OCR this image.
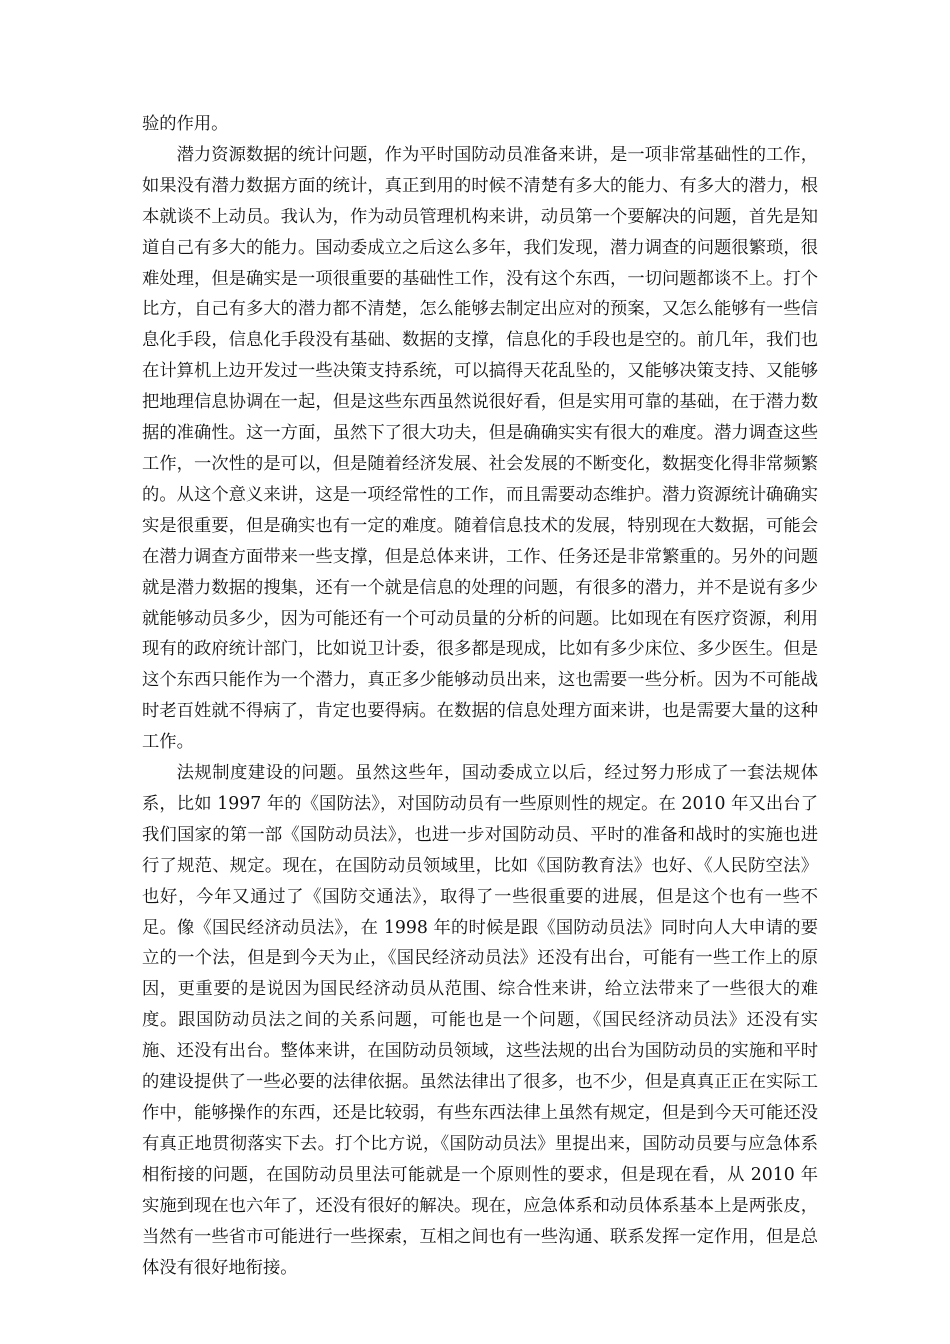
验的作用。

潜力资源数据的统计问题，作为平时国防动员准备来讲，是一项非常基础性的工作，如果没有潜力数据方面的统计，真正到用的时候不清楚有多大的能力、有多大的潜力，根本就谈不上动员。我认为，作为动员管理机构来讲，动员第一个要解决的问题，首先是知道自己有多大的能力。国动委成立之后这么多年，我们发现，潜力调查的问题很繁琐，很难处理，但是确实是一项很重要的基础性工作，没有这个东西，一切问题都谈不上。打个比方，自己有多大的潜力都不清楚，怎么能够去制定出应对的预案，又怎么能够有一些信息化手段，信息化手段没有基础、数据的支撑，信息化的手段也是空的。前几年，我们也在计算机上边开发过一些决策支持系统，可以搞得天花乱坠的，又能够决策支持、又能够把地理信息协调在一起，但是这些东西虽然说很好看，但是实用可靠的基础，在于潜力数据的准确性。这一方面，虽然下了很大功夫，但是确确实实有很大的难度。潜力调查这些工作，一次性的是可以，但是随着经济发展、社会发展的不断变化，数据变化得非常频繁的。从这个意义来讲，这是一项经常性的工作，而且需要动态维护。潜力资源统计确确实实是很重要，但是确实也有一定的难度。随着信息技术的发展，特别现在大数据，可能会在潜力调查方面带来一些支撑，但是总体来讲，工作、任务还是非常繁重的。另外的问题就是潜力数据的搜集，还有一个就是信息的处理的问题，有很多的潜力，并不是说有多少就能够动员多少，因为可能还有一个可动员量的分析的问题。比如现在有医疗资源，利用现有的政府统计部门，比如说卫计委，很多都是现成，比如有多少床位、多少医生。但是这个东西只能作为一个潜力，真正多少能够动员出来，这也需要一些分析。因为不可能战时老百姓就不得病了，肯定也要得病。在数据的信息处理方面来讲，也是需要大量的这种工作。

法规制度建设的问题。虽然这些年，国动委成立以后，经过努力形成了一套法规体系，比如 1997 年的《国防法》，对国防动员有一些原则性的规定。在 2010 年又出台了我们国家的第一部《国防动员法》，也进一步对国防动员、平时的准备和战时的实施也进行了规范、规定。现在，在国防动员领域里，比如《国防教育法》也好、《人民防空法》也好，今年又通过了《国防交通法》，取得了一些很重要的进展，但是这个也有一些不足。像《国民经济动员法》，在 1998 年的时候是跟《国防动员法》同时向人大申请的要立的一个法，但是到今天为止，《国民经济动员法》还没有出台，可能有一些工作上的原因，更重要的是说因为国民经济动员从范围、综合性来讲，给立法带来了一些很大的难度。跟国防动员法之间的关系问题，可能也是一个问题，《国民经济动员法》还没有实施、还没有出台。整体来讲，在国防动员领域，这些法规的出台为国防动员的实施和平时的建设提供了一些必要的法律依据。虽然法律出了很多，也不少，但是真真正正在实际工作中，能够操作的东西，还是比较弱，有些东西法律上虽然有规定，但是到今天可能还没有真正地贯彻落实下去。打个比方说，《国防动员法》里提出来，国防动员要与应急体系相衔接的问题，在国防动员里法可能就是一个原则性的要求，但是现在看，从 2010 年实施到现在也六年了，还没有很好的解决。现在，应急体系和动员体系基本上是两张皮，当然有一些省市可能进行一些探索，互相之间也有一些沟通、联系发挥一定作用，但是总体没有很好地衔接。
